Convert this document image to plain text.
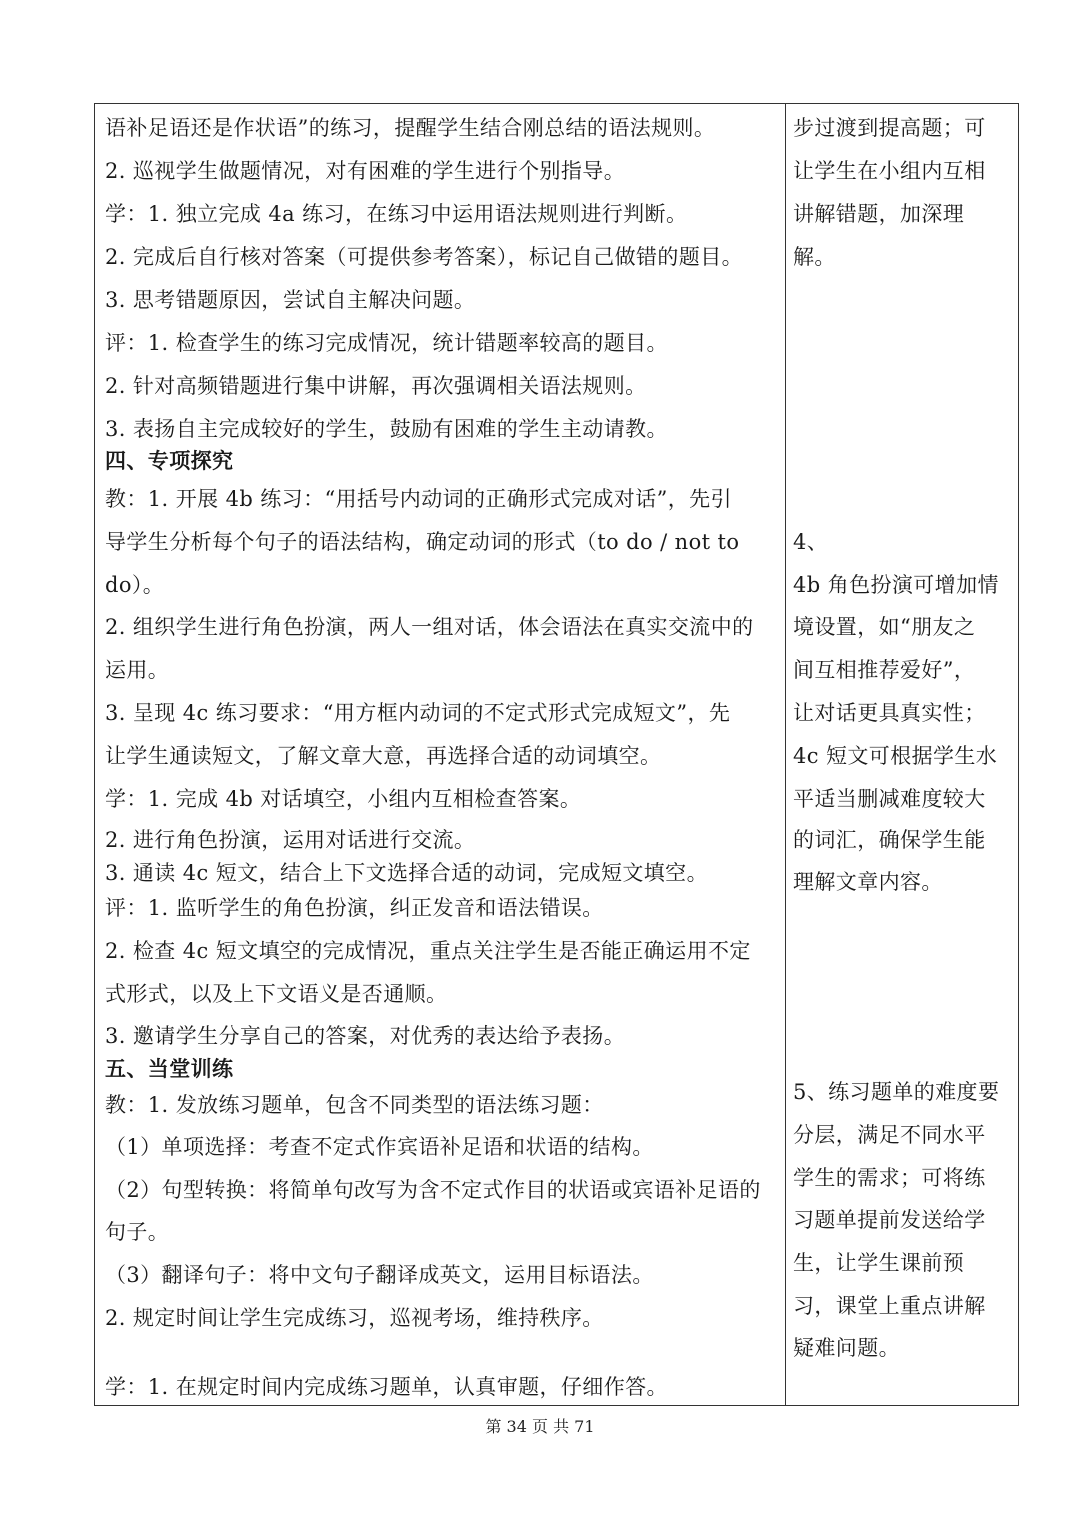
语补足语还是作状语”的练习，提醒学生结合刚总结的语法规则。
2. 巡视学生做题情况，对有困难的学生进行个别指导。
学：1. 独立完成 4a 练习，在练习中运用语法规则进行判断。
2. 完成后自行核对答案（可提供参考答案），标记自己做错的题目。
3. 思考错题原因，尝试自主解决问题。
评：1. 检查学生的练习完成情况，统计错题率较高的题目。
2. 针对高频错题进行集中讲解，再次强调相关语法规则。
3. 表扬自主完成较好的学生，鼓励有困难的学生主动请教。
四、专项探究
教：1. 开展 4b 练习：“用括号内动词的正确形式完成对话”，先引
导学生分析每个句子的语法结构，确定动词的形式（to do / not to
do）。
2. 组织学生进行角色扮演，两人一组对话，体会语法在真实交流中的
运用。
3. 呈现 4c 练习要求：“用方框内动词的不定式形式完成短文”，先
让学生通读短文，了解文章大意，再选择合适的动词填空。
学：1. 完成 4b 对话填空，小组内互相检查答案。
2. 进行角色扮演，运用对话进行交流。
3. 通读 4c 短文，结合上下文选择合适的动词，完成短文填空。
评：1. 监听学生的角色扮演，纠正发音和语法错误。
2. 检查 4c 短文填空的完成情况，重点关注学生是否能正确运用不定
式形式，以及上下文语义是否通顺。
3. 邀请学生分享自己的答案，对优秀的表达给予表扬。
五、当堂训练
教：1. 发放练习题单，包含不同类型的语法练习题：
（1）单项选择：考查不定式作宾语补足语和状语的结构。
（2）句型转换：将简单句改写为含不定式作目的状语或宾语补足语的
句子。
（3）翻译句子：将中文句子翻译成英文，运用目标语法。
2. 规定时间让学生完成练习，巡视考场，维持秩序。
学：1. 在规定时间内完成练习题单，认真审题，仔细作答。
步过渡到提高题；可
让学生在小组内互相
讲解错题，加深理
解。
4、
4b 角色扮演可增加情
境设置，如“朋友之
间互相推荐爱好”，
让对话更具真实性；
4c 短文可根据学生水
平适当删减难度较大
的词汇，确保学生能
理解文章内容。
5、练习题单的难度要
分层，满足不同水平
学生的需求；可将练
习题单提前发送给学
生，让学生课前预
习，课堂上重点讲解
疑难问题。
第 34 页 共 71
